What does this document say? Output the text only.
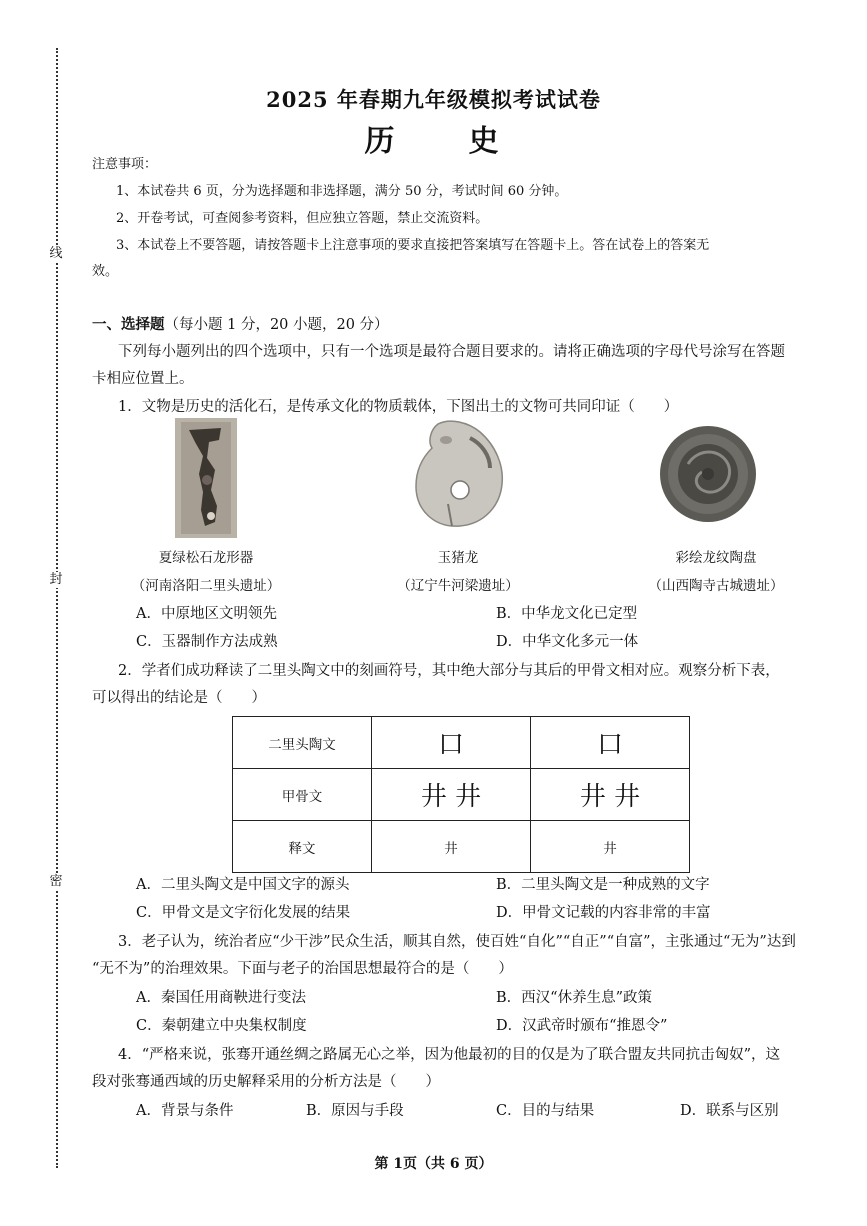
线
封
密
2025 年春期九年级模拟考试试卷
历 史
注意事项：
1、本试卷共 6 页，分为选择题和非选择题，满分 50 分，考试时间 60 分钟。
2、开卷考试，可查阅参考资料，但应独立答题，禁止交流资料。
3、本试卷上不要答题，请按答题卡上注意事项的要求直接把答案填写在答题卡上。答在试卷上的答案无
效。
一、选择题（每小题 1 分，20 小题，20 分）
下列每小题列出的四个选项中，只有一个选项是最符合题目要求的。请将正确选项的字母代号涂写在答题
卡相应位置上。
1．文物是历史的活化石，是传承文化的物质载体，下图出土的文物可共同印证（　　）
夏绿松石龙形器
（河南洛阳二里头遗址）
玉猪龙
（辽宁牛河梁遗址）
彩绘龙纹陶盘
（山西陶寺古城遗址）
A．中原地区文明领先	B．中华龙文化已定型
C．玉器制作方法成熟	D．中华文化多元一体
2．学者们成功释读了二里头陶文中的刻画符号，其中绝大部分与其后的甲骨文相对应。观察分析下表，
可以得出的结论是（　　）
二里头陶文	口	口
甲骨文	井 井	井 井
释文	井	井
A．二里头陶文是中国文字的源头	B．二里头陶文是一种成熟的文字
C．甲骨文是文字衍化发展的结果	D．甲骨文记载的内容非常的丰富
3．老子认为，统治者应“少干涉”民众生活，顺其自然，使百姓“自化”“自正”“自富”，主张通过“无为”达到
“无不为”的治理效果。下面与老子的治国思想最符合的是（　　）
A．秦国任用商鞅进行变法	B．西汉“休养生息”政策
C．秦朝建立中央集权制度	D．汉武帝时颁布“推恩令”
4．“严格来说，张骞开通丝绸之路属无心之举，因为他最初的目的仅是为了联合盟友共同抗击匈奴”，这
段对张骞通西域的历史解释采用的分析方法是（　　）
A．背景与条件	B．原因与手段	C．目的与结果	D．联系与区别
第 1页（共 6 页）
